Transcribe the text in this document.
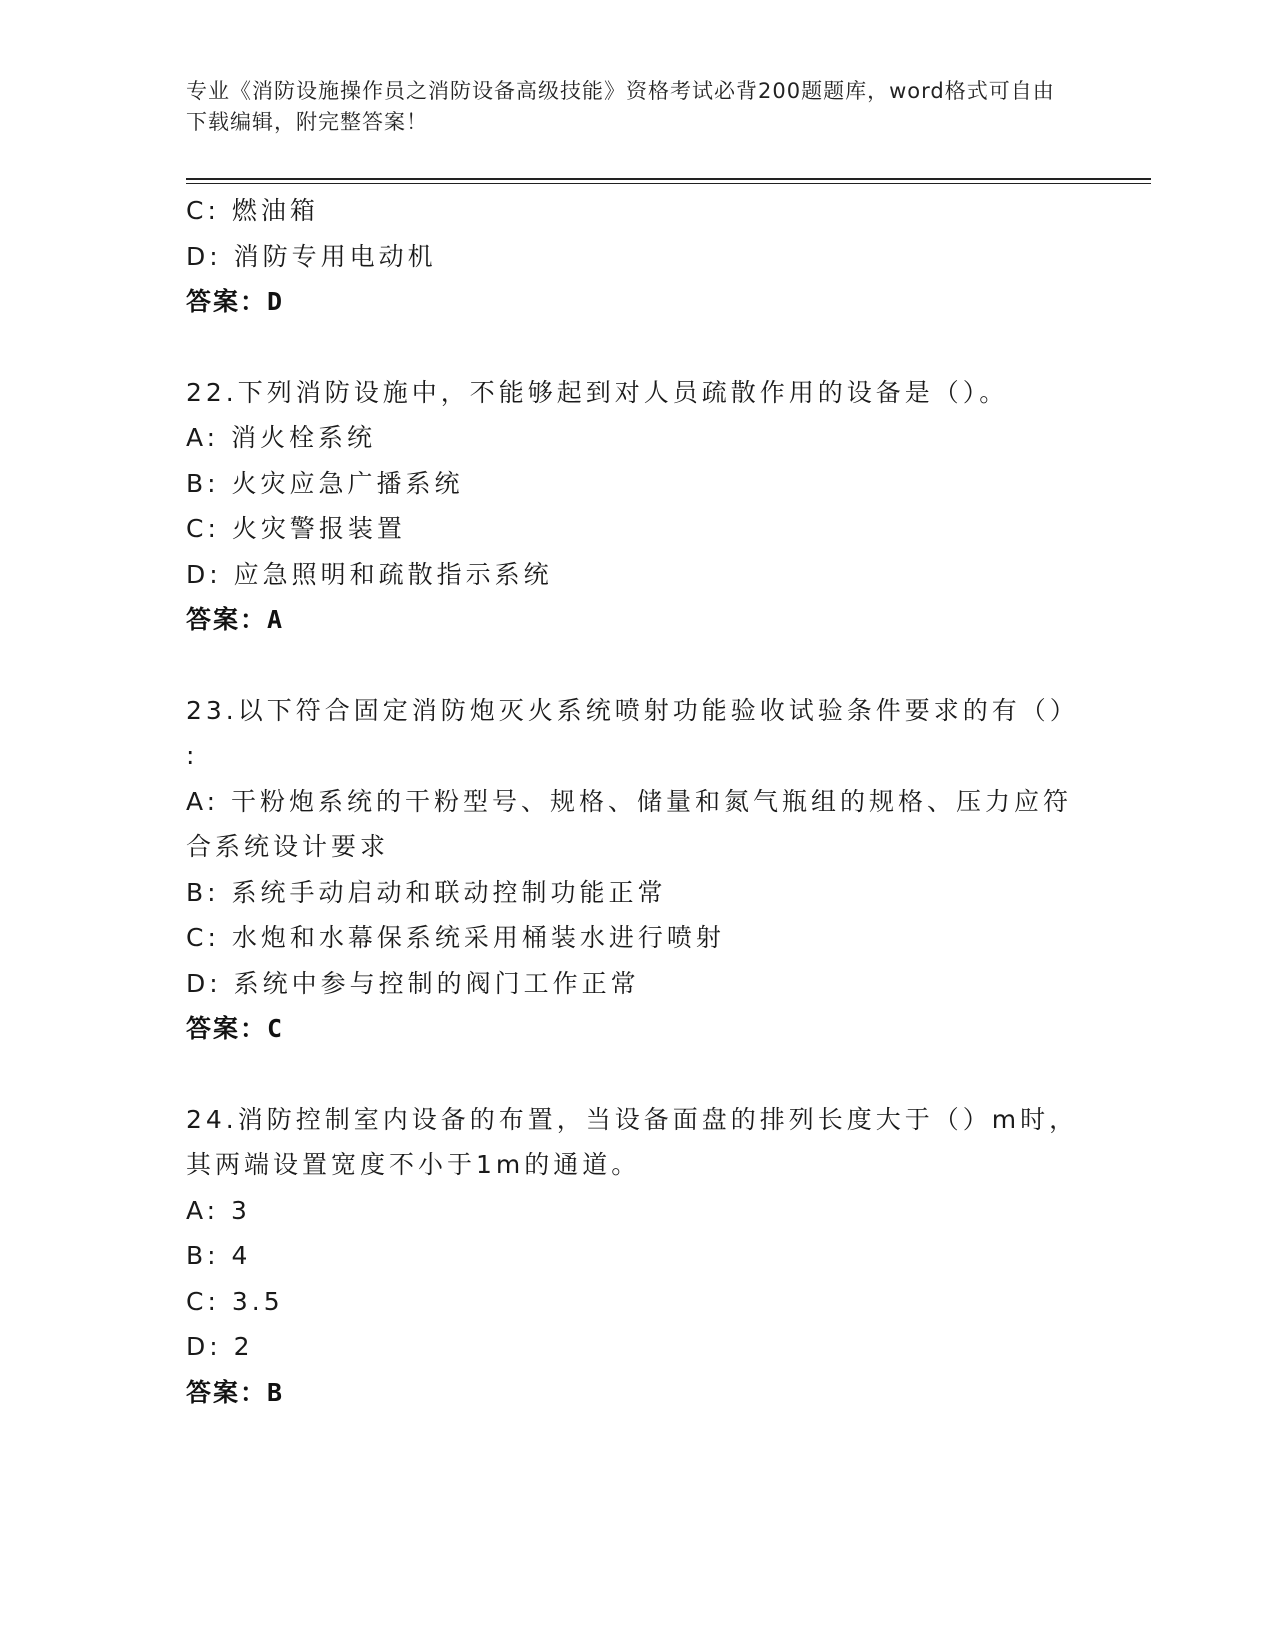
专业《消防设施操作员之消防设备高级技能》资格考试必背200题题库，word格式可自由下载编辑，附完整答案！
C: 燃油箱
D: 消防专用电动机
答案：D
22.下列消防设施中，不能够起到对人员疏散作用的设备是（）。
A: 消火栓系统
B: 火灾应急广播系统
C: 火灾警报装置
D: 应急照明和疏散指示系统
答案：A
23.以下符合固定消防炮灭火系统喷射功能验收试验条件要求的有（）
:
A: 干粉炮系统的干粉型号、规格、储量和氮气瓶组的规格、压力应符
合系统设计要求
B: 系统手动启动和联动控制功能正常
C: 水炮和水幕保系统采用桶装水进行喷射
D: 系统中参与控制的阀门工作正常
答案：C
24.消防控制室内设备的布置，当设备面盘的排列长度大于（）m时，
其两端设置宽度不小于1m的通道。
A: 3
B: 4
C: 3.5
D: 2
答案：B
